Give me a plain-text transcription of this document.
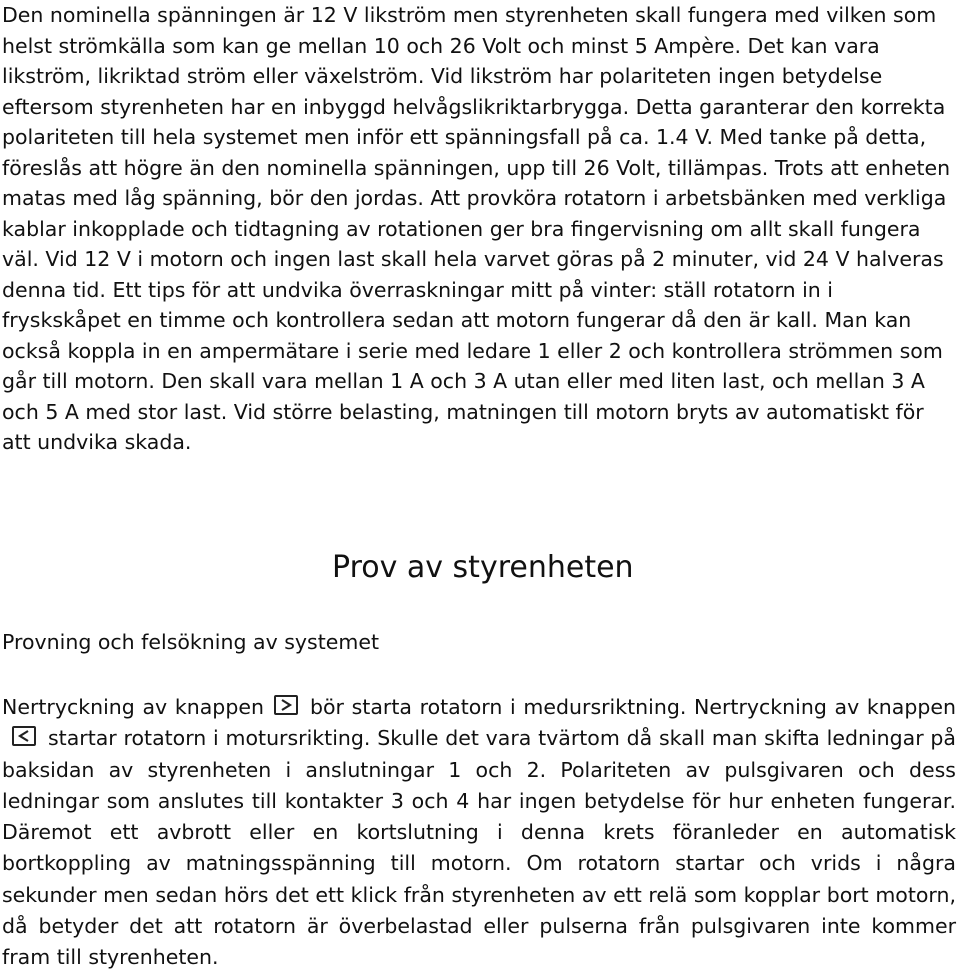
Den nominella spänningen är 12 V likström men styrenheten skall fungera med vilken som helst strömkälla som kan ge mellan 10 och 26 Volt och minst 5 Ampère. Det kan vara likström, likriktad ström eller växelström. Vid likström har polariteten ingen betydelse eftersom styrenheten har en inbyggd helvågslikriktarbrygga. Detta garanterar den korrekta polariteten till hela systemet men inför ett spänningsfall på ca. 1.4 V. Med tanke på detta, föreslås att högre än den nominella spänningen, upp till 26 Volt, tillämpas. Trots att enheten matas med låg spänning, bör den jordas. Att provköra rotatorn i arbetsbänken med verkliga kablar inkopplade och tidtagning av rotationen ger bra fingervisning om allt skall fungera väl. Vid 12 V i motorn och ingen last skall hela varvet göras på 2 minuter, vid 24 V halveras denna tid. Ett tips för att undvika överraskningar mitt på vinter: ställ rotatorn in i fryskskåpet en timme och kontrollera sedan att motorn fungerar då den är kall. Man kan också koppla in en ampermätare i serie med ledare 1 eller 2 och kontrollera strömmen som går till motorn. Den skall vara mellan 1 A och 3 A utan eller med liten last, och mellan 3 A och 5 A med stor last. Vid större belasting, matningen till motorn bryts av automatiskt för att undvika skada.

Prov av styrenheten
Provning och felsökning av systemet

Nertryckning av knappen bör starta rotatorn i medursriktning. Nertryckning av knappen
startar rotatorn i motursrikting. Skulle det vara tvärtom då skall man skifta ledningar på baksidan av styrenheten i anslutningar 1 och 2. Polariteten av pulsgivaren och dess ledningar som anslutes till kontakter 3 och 4 har ingen betydelse för hur enheten fungerar. Däremot ett avbrott eller en kortslutning i denna krets föranleder en automatisk bortkoppling av matningsspänning till motorn. Om rotatorn startar och vrids i några sekunder men sedan hörs det ett klick från styrenheten av ett relä som kopplar bort motorn, då betyder det att rotatorn är överbelastad eller pulserna från pulsgivaren inte kommer fram till styrenheten.
